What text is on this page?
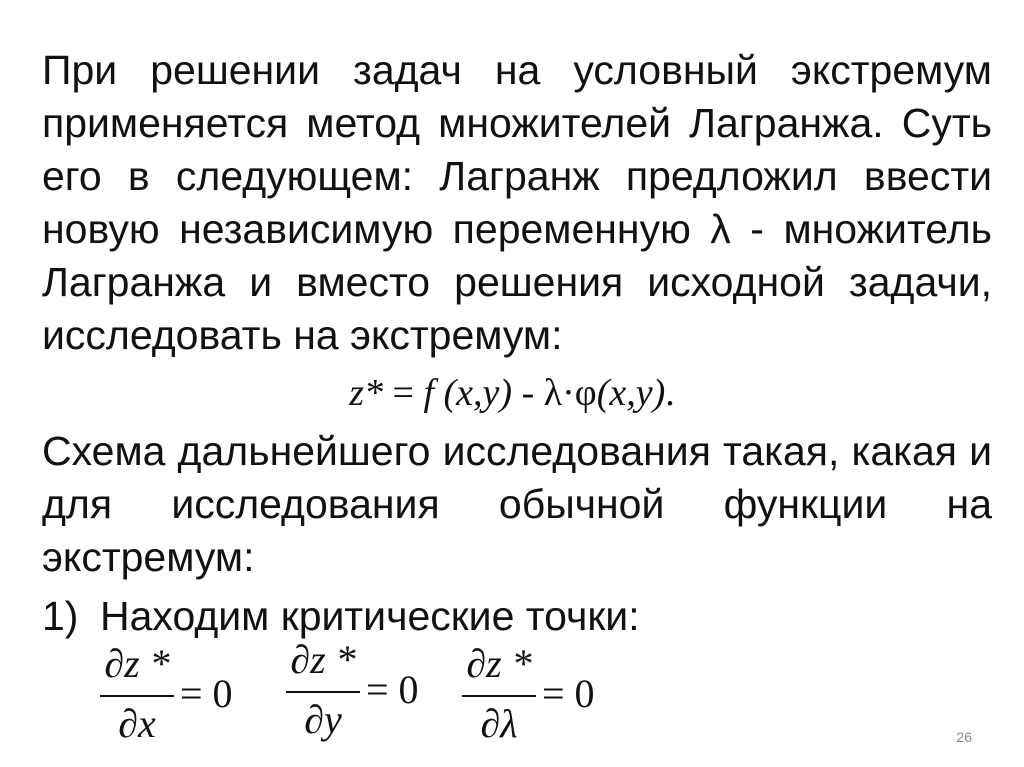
При решении задач на условный экстремум
применяется метод множителей Лагранжа. Суть
его в следующем: Лагранж предложил ввести
новую независимую переменную λ - множитель
Лагранжа и вместо решения исходной задачи,
исследовать на экстремум:
z* = f (x,y) - λ·φ(x,y).
Схема дальнейшего исследования такая, какая и
для исследования обычной функции на
экстремум:
1) Находим критические точки:
∂z *
∂x
= 0
∂z *
∂y
= 0
∂z *
∂λ
= 0
26
